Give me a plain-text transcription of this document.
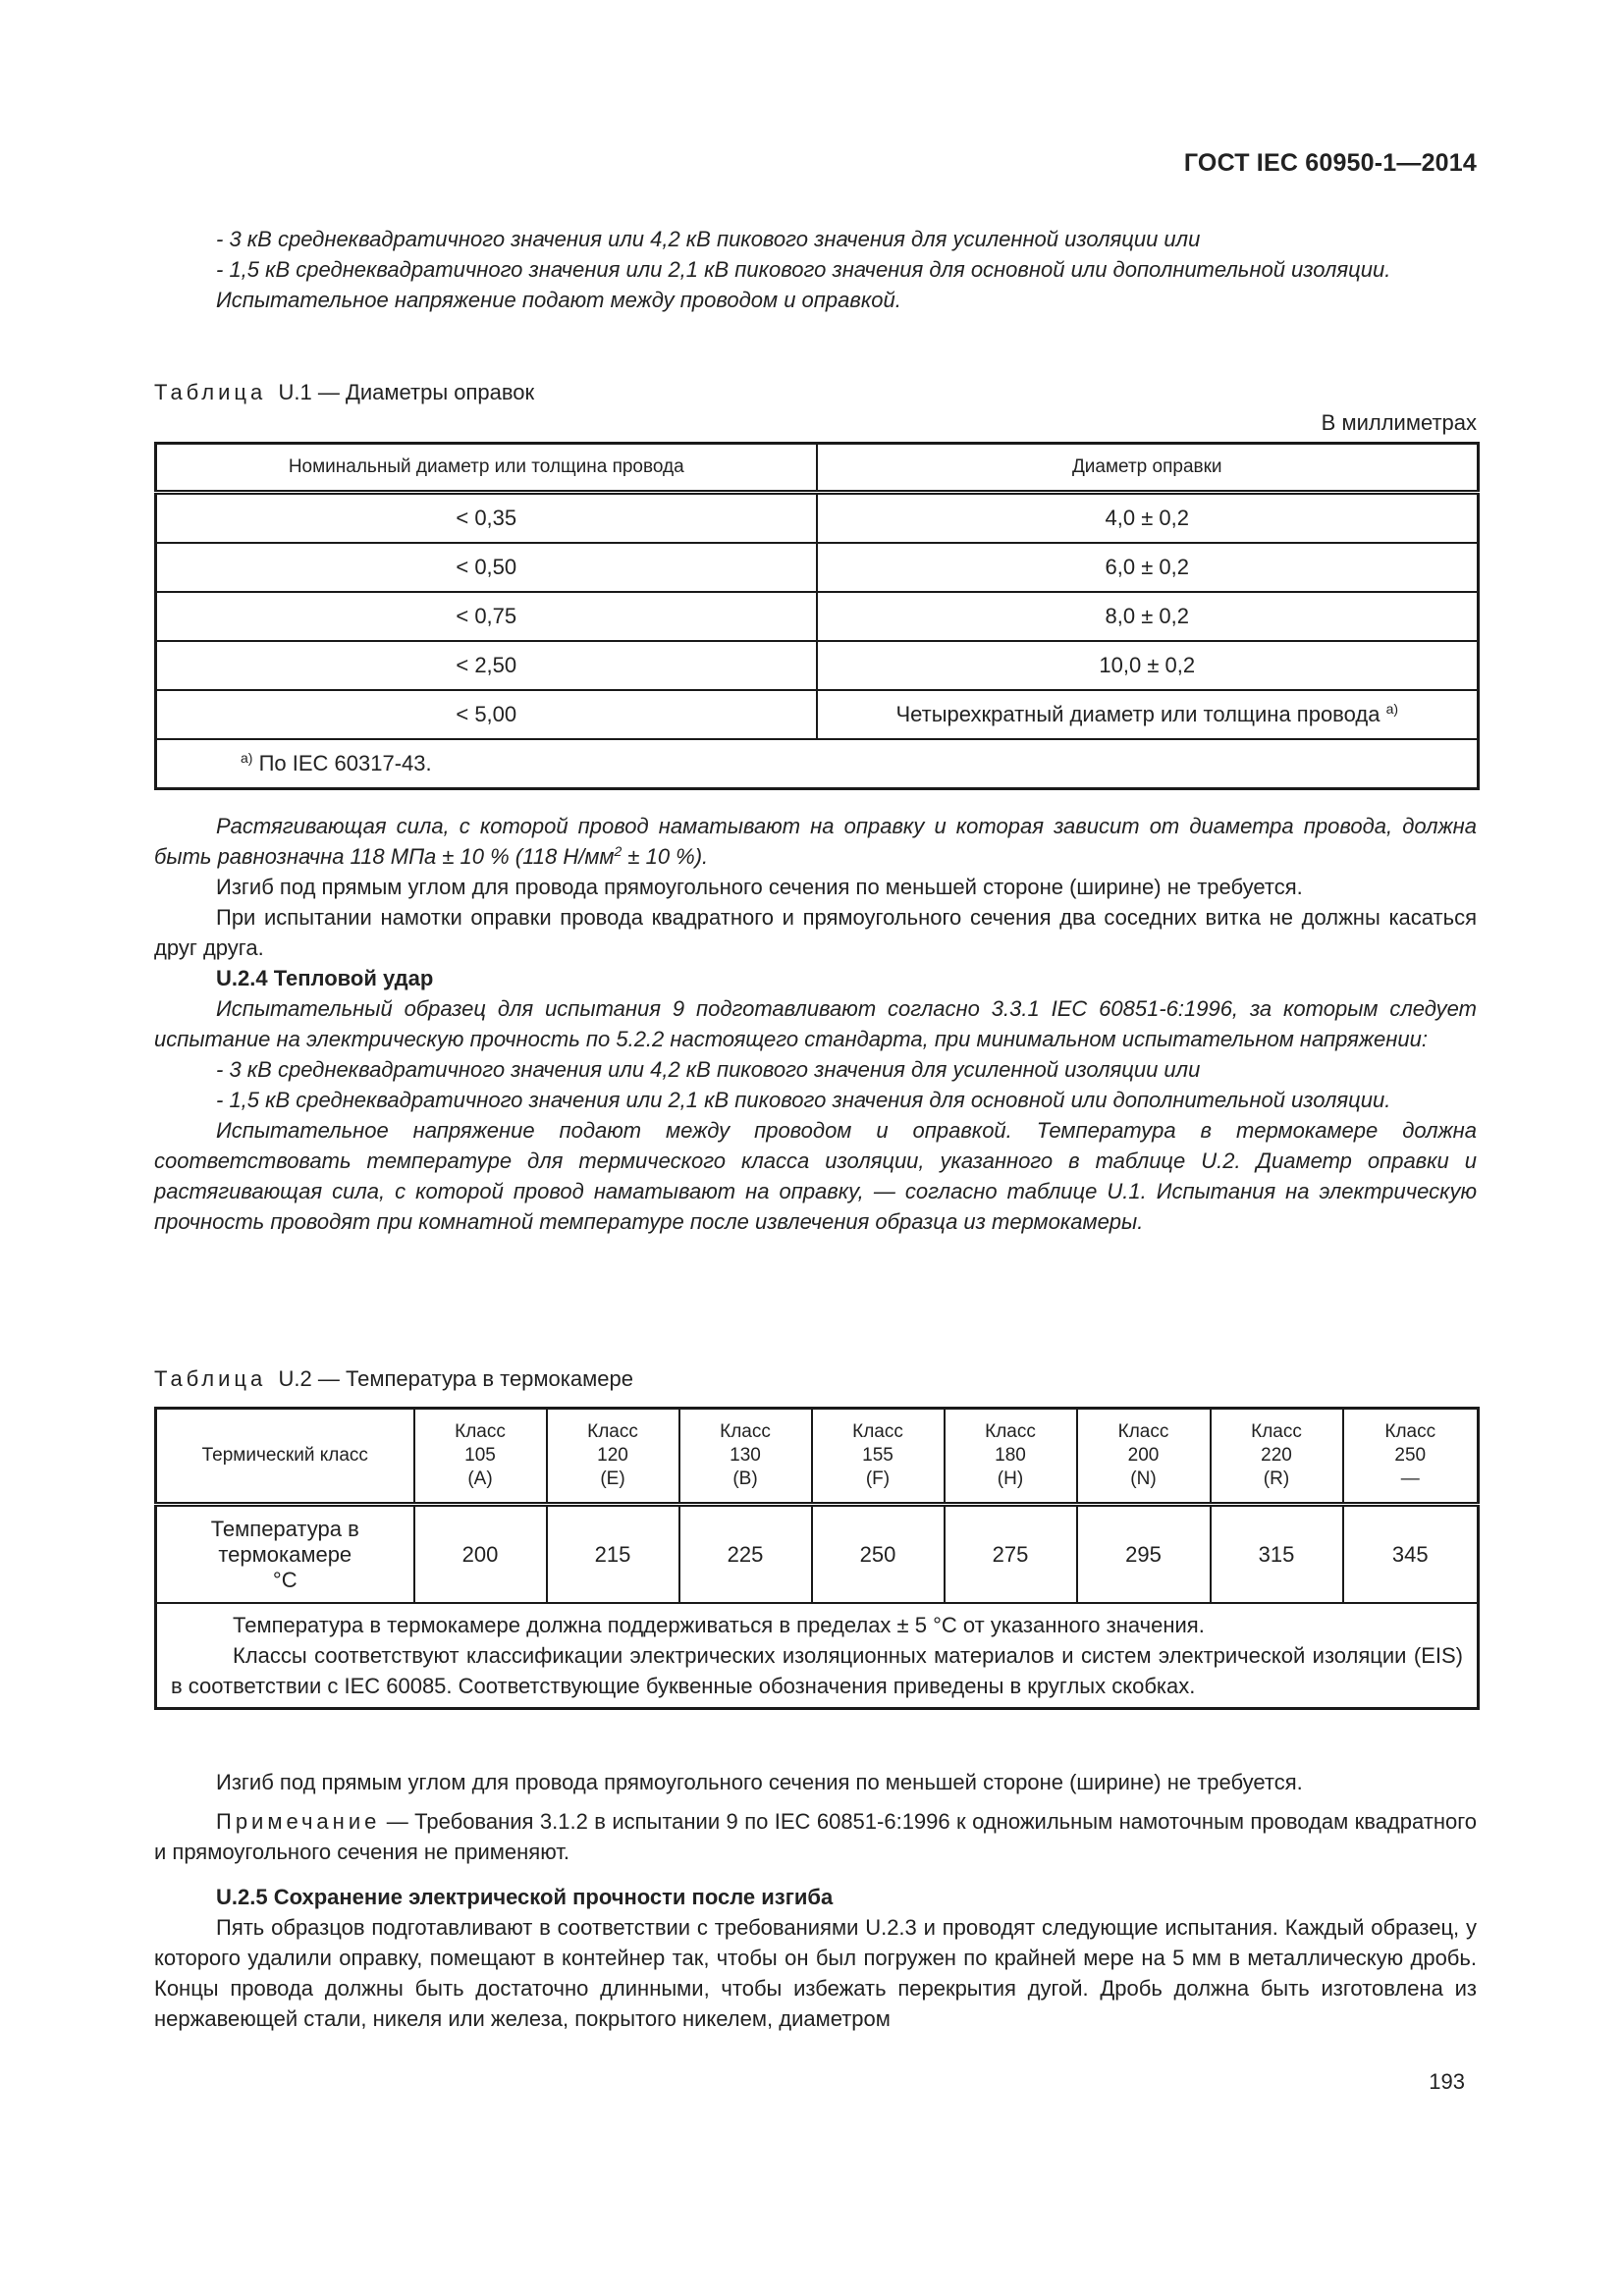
ГОСТ IEC 60950-1—2014

- 3 кВ среднеквадратичного значения или 4,2 кВ пикового значения для усиленной изоляции или

- 1,5 кВ среднеквадратичного значения или 2,1 кВ пикового значения для основной или дополнительной изоляции.

Испытательное напряжение подают между проводом и оправкой.

Таблица U.1 — Диаметры оправок

В миллиметрах

Номинальный диаметр или толщина провода	Диаметр оправки
< 0,35	4,0 ± 0,2
< 0,50	6,0 ± 0,2
< 0,75	8,0 ± 0,2
< 2,50	10,0 ± 0,2
< 5,00	Четырехкратный диаметр или толщина провода $^{а)}$
$^{а)}$ По IEC 60317-43.	

Растягивающая сила, с которой провод наматывают на оправку и которая зависит от диаметра провода, должна быть равнозначна 118 МПа ± 10 % (118 $Н/мм^2 \pm 10$ %).

Изгиб под прямым углом для провода прямоугольного сечения по меньшей стороне (ширине) не требуется.

При испытании намотки оправки провода квадратного и прямоугольного сечения два соседних витка не должны касаться друг друга.

U.2.4 Тепловой удар

Испытательный образец для испытания 9 подготавливают согласно 3.3.1 IEC 60851-6:1996, за которым следует испытание на электрическую прочность по 5.2.2 настоящего стандарта, при минимальном испытательном напряжении:

- 3 кВ среднеквадратичного значения или 4,2 кВ пикового значения для усиленной изоляции или

- 1,5 кВ среднеквадратичного значения или 2,1 кВ пикового значения для основной или дополнительной изоляции.

Испытательное напряжение подают между проводом и оправкой. Температура в термокамере должна соответствовать температуре для термического класса изоляции, указанного в таблице U.2. Диаметр оправки и растягивающая сила, с которой провод наматывают на оправку, — согласно таблице U.1. Испытания на электрическую прочность проводят при комнатной температуре после извлечения образца из термокамеры.

Таблица U.2 — Температура в термокамере

Термический класс	Класс
105
(A)	Класс
120
(E)	Класс
130
(B)	Класс
155
(F)	Класс
180
(H)	Класс
200
(N)	Класс
220
(R)	Класс
250
—
Температура в
термокамере
°С	200	215	225	250	275	295	315	345

Температура в термокамере должна поддерживаться в пределах ± 5 °С от указанного значения.
Классы соответствуют классификации электрических изоляционных материалов и систем электрической изоляции (EIS) в соответствии с IEC 60085. Соответствующие буквенные обозначения приведены в круглых скобках.								

Изгиб под прямым углом для провода прямоугольного сечения по меньшей стороне (ширине) не требуется.

Примечание — Требования 3.1.2 в испытании 9 по IEC 60851-6:1996 к одножильным намоточным проводам квадратного и прямоугольного сечения не применяют.

U.2.5 Сохранение электрической прочности после изгиба

Пять образцов подготавливают в соответствии с требованиями U.2.3 и проводят следующие испытания. Каждый образец, у которого удалили оправку, помещают в контейнер так, чтобы он был погружен по крайней мере на 5 мм в металлическую дробь. Концы провода должны быть достаточно длинными, чтобы избежать перекрытия дугой. Дробь должна быть изготовлена из нержавеющей стали, никеля или железа, покрытого никелем, диаметром

193
